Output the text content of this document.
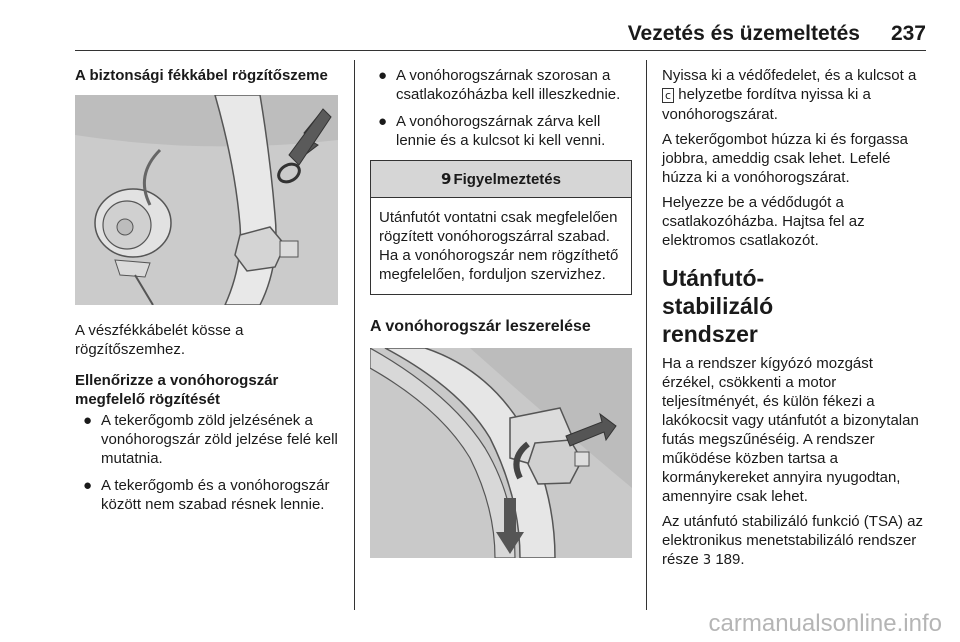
Vezetés és üzemeltetés 237

A biztonsági fékkábel rögzítőszeme

A vészfékkábelét kösse a rögzítőszemhez.

Ellenőrizze a vonóhorogszár

megfelelő rögzítését

● A tekerőgomb zöld jelzésének a vonóhorogszár zöld jelzése felé kell mutatnia.
● A tekerőgomb és a vonóhorogszár között nem szabad résnek lennie.
● A vonóhorogszárnak szorosan a csatlakozóházba kell illeszkednie.
● A vonóhorogszárnak zárva kell lennie és a kulcsot ki kell venni.
9 Figyelmeztetés
Utánfutót vontatni csak megfelelően rögzített vonóhorogszárral szabad. Ha a vonóhorogszár nem rögzíthető megfelelően, forduljon szervizhez.

A vonóhorogszár leszerelése

Nyissa ki a védőfedelet, és a kulcsot a c helyzetbe fordítva nyissa ki a vonóhorogszárat.

A tekerőgombot húzza ki és forgassa jobbra, ameddig csak lehet. Lefelé húzza ki a vonóhorogszárat.

Helyezze be a védődugót a csatlakozóházba. Hajtsa fel az elektromos csatlakozót.

Utánfutó-stabilizáló rendszer

Ha a rendszer kígyózó mozgást érzékel, csökkenti a motor teljesítményét, és külön fékezi a lakókocsit vagy utánfutót a bizonytalan futás megszűnéséig. A rendszer működése közben tartsa a kormánykereket annyira nyugodtan, amennyire csak lehet.

Az utánfutó stabilizáló funkció (TSA) az elektronikus menetstabilizáló rendszer része 3 189.

carmanualsonline.info
